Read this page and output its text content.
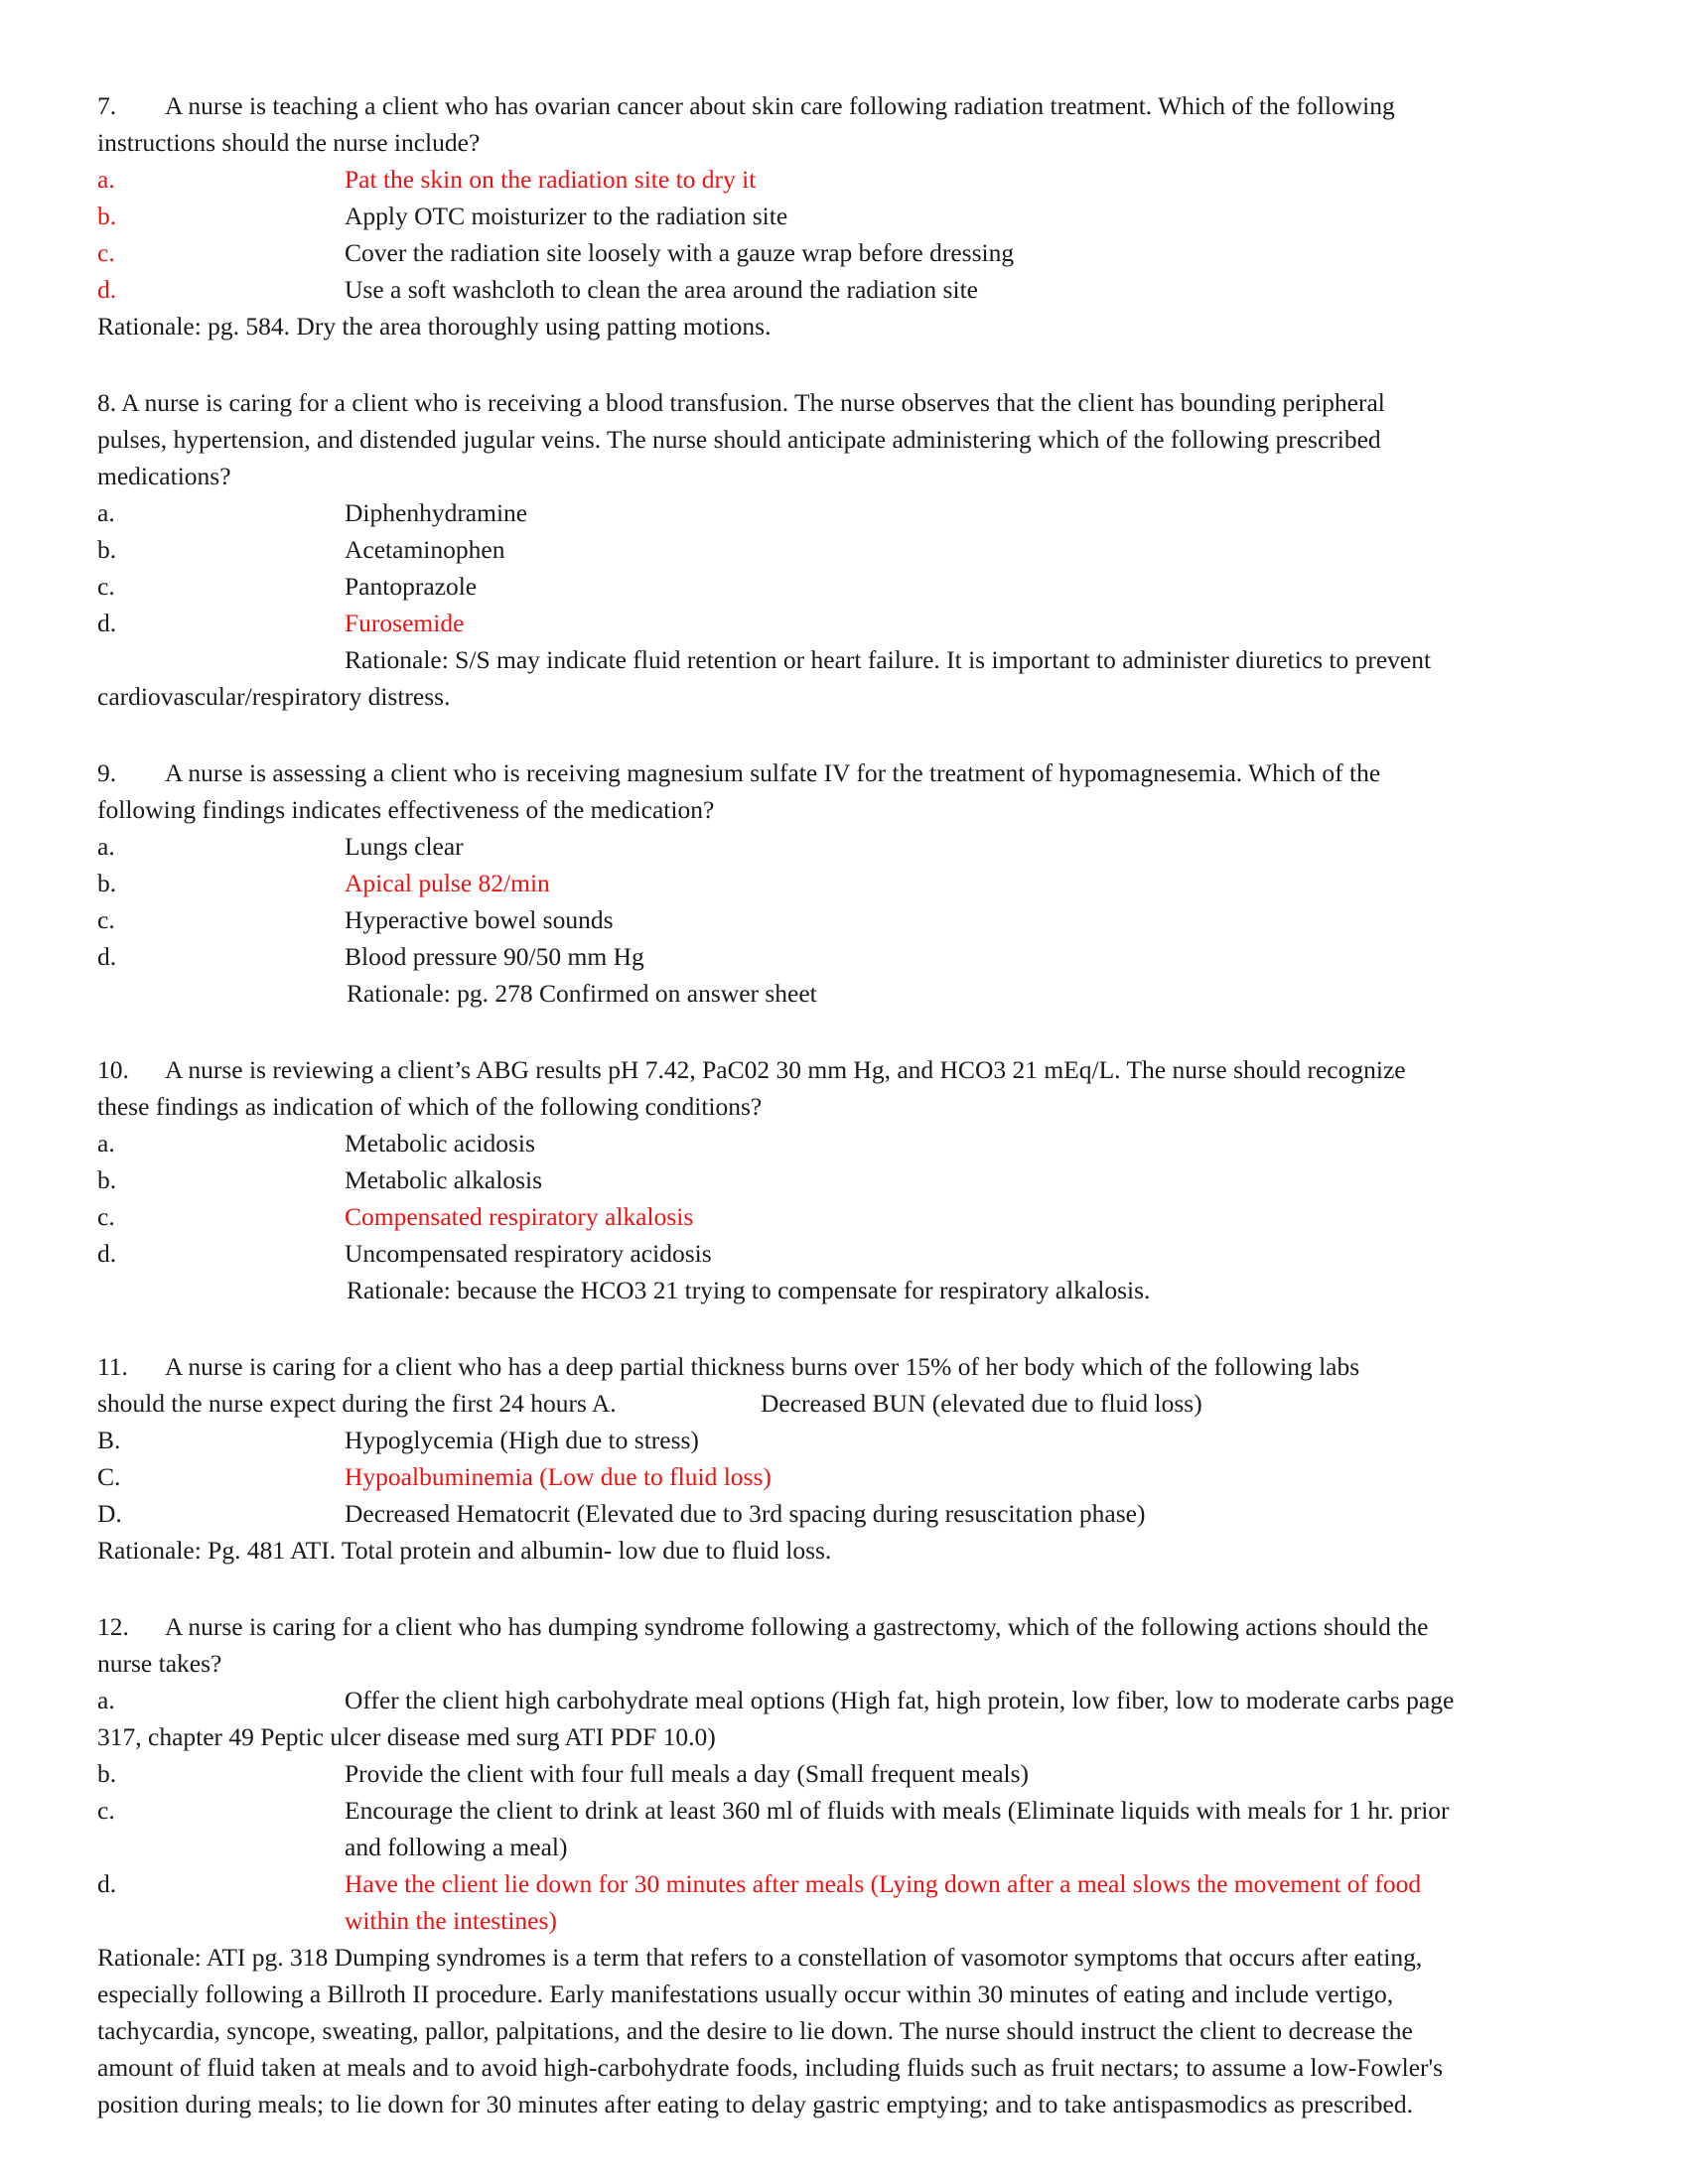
7. A nurse is teaching a client who has ovarian cancer about skin care following radiation treatment. Which of the following
instructions should the nurse include?
a.	Pat the skin on the radiation site to dry it
b.	Apply OTC moisturizer to the radiation site
c.	Cover the radiation site loosely with a gauze wrap before dressing
d.	Use a soft washcloth to clean the area around the radiation site
Rationale: pg. 584. Dry the area thoroughly using patting motions.
8. A nurse is caring for a client who is receiving a blood transfusion. The nurse observes that the client has bounding peripheral
pulses, hypertension, and distended jugular veins. The nurse should anticipate administering which of the following prescribed
medications?
a.	Diphenhydramine
b.	Acetaminophen
c.	Pantoprazole
d.	Furosemide
Rationale: S/S may indicate fluid retention or heart failure. It is important to administer diuretics to prevent
cardiovascular/respiratory distress.
9. A nurse is assessing a client who is receiving magnesium sulfate IV for the treatment of hypomagnesemia. Which of the
following findings indicates effectiveness of the medication?
a.	Lungs clear
b.	Apical pulse 82/min
c.	Hyperactive bowel sounds
d.	Blood pressure 90/50 mm Hg
Rationale: pg. 278 Confirmed on answer sheet
10. A nurse is reviewing a client’s ABG results pH 7.42, PaC02 30 mm Hg, and HCO3 21 mEq/L. The nurse should recognize
these findings as indication of which of the following conditions?
a.	Metabolic acidosis
b.	Metabolic alkalosis
c.	Compensated respiratory alkalosis
d.	Uncompensated respiratory acidosis
Rationale: because the HCO3 21 trying to compensate for respiratory alkalosis.
11. A nurse is caring for a client who has a deep partial thickness burns over 15% of her body which of the following labs
should the nurse expect during the first 24 hours A.	Decreased BUN (elevated due to fluid loss)
B.	Hypoglycemia (High due to stress)
C.	Hypoalbuminemia (Low due to fluid loss)
D.	Decreased Hematocrit (Elevated due to 3rd spacing during resuscitation phase)
Rationale: Pg. 481 ATI. Total protein and albumin- low due to fluid loss.
12. A nurse is caring for a client who has dumping syndrome following a gastrectomy, which of the following actions should the
nurse takes?
a.	Offer the client high carbohydrate meal options (High fat, high protein, low fiber, low to moderate carbs page
317, chapter 49 Peptic ulcer disease med surg ATI PDF 10.0)
b.	Provide the client with four full meals a day (Small frequent meals)
c.	Encourage the client to drink at least 360 ml of fluids with meals (Eliminate liquids with meals for 1 hr. prior
and following a meal)
d.	Have the client lie down for 30 minutes after meals (Lying down after a meal slows the movement of food
within the intestines)
Rationale: ATI pg. 318 Dumping syndromes is a term that refers to a constellation of vasomotor symptoms that occurs after eating,
especially following a Billroth II procedure. Early manifestations usually occur within 30 minutes of eating and include vertigo,
tachycardia, syncope, sweating, pallor, palpitations, and the desire to lie down. The nurse should instruct the client to decrease the
amount of fluid taken at meals and to avoid high-carbohydrate foods, including fluids such as fruit nectars; to assume a low-Fowler's
position during meals; to lie down for 30 minutes after eating to delay gastric emptying; and to take antispasmodics as prescribed.
